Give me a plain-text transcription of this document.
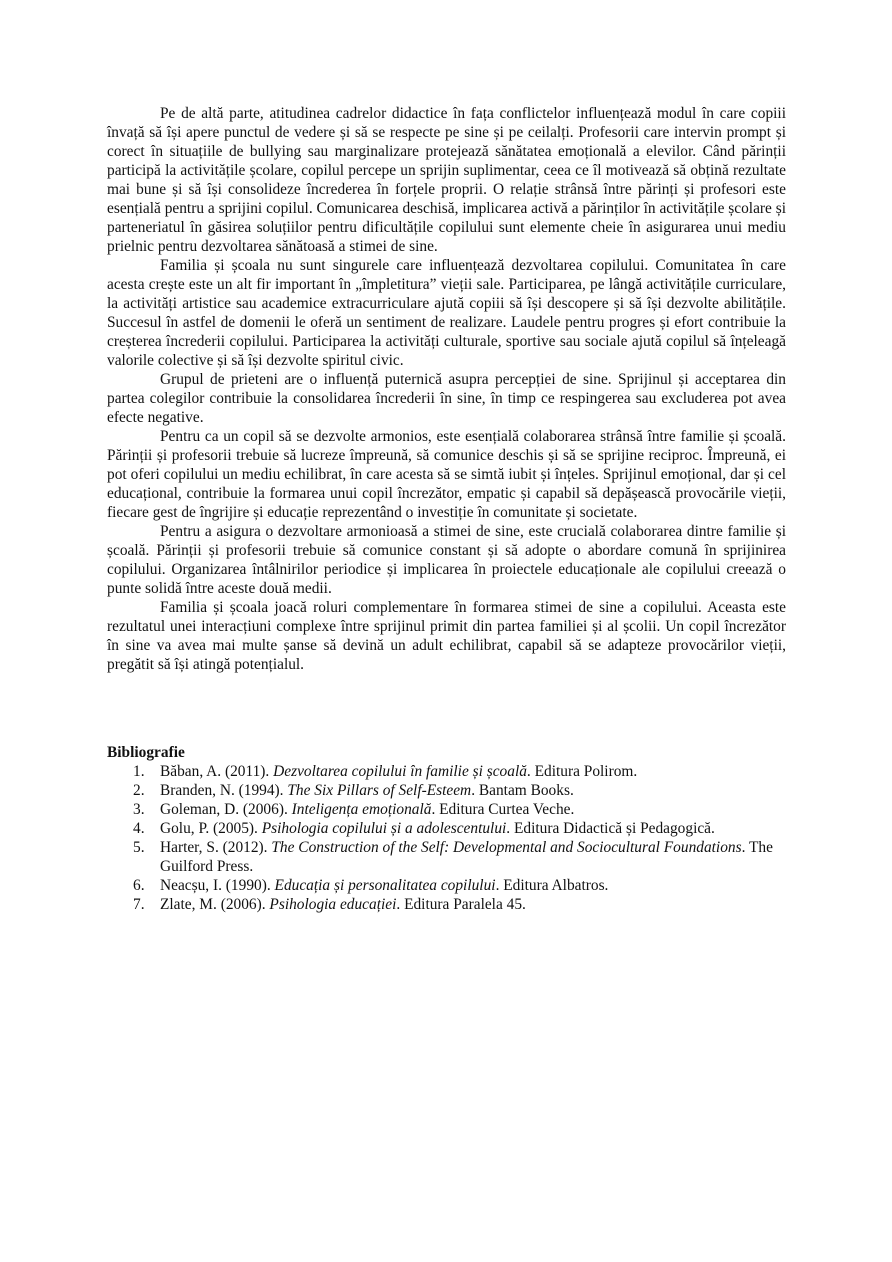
Pe de altă parte, atitudinea cadrelor didactice în fața conflictelor influențează modul în care copiii învață să își apere punctul de vedere și să se respecte pe sine și pe ceilalți. Profesorii care intervin prompt și corect în situațiile de bullying sau marginalizare protejează sănătatea emoțională a elevilor. Când părinții participă la activitățile școlare, copilul percepe un sprijin suplimentar, ceea ce îl motivează să obțină rezultate mai bune și să își consolideze încrederea în forțele proprii. O relație strânsă între părinți și profesori este esențială pentru a sprijini copilul. Comunicarea deschisă, implicarea activă a părinților în activitățile școlare și parteneriatul în găsirea soluțiilor pentru dificultățile copilului sunt elemente cheie în asigurarea unui mediu prielnic pentru dezvoltarea sănătoasă a stimei de sine.

Familia și școala nu sunt singurele care influențează dezvoltarea copilului. Comunitatea în care acesta crește este un alt fir important în „împletitura” vieții sale. Participarea, pe lângă activitățile curriculare, la activități artistice sau academice extracurriculare ajută copiii să își descopere și să își dezvolte abilitățile. Succesul în astfel de domenii le oferă un sentiment de realizare. Laudele pentru progres și efort contribuie la creșterea încrederii copilului. Participarea la activități culturale, sportive sau sociale ajută copilul să înțeleagă valorile colective și să își dezvolte spiritul civic.

Grupul de prieteni are o influență puternică asupra percepției de sine. Sprijinul și acceptarea din partea colegilor contribuie la consolidarea încrederii în sine, în timp ce respingerea sau excluderea pot avea efecte negative.

Pentru ca un copil să se dezvolte armonios, este esențială colaborarea strânsă între familie și școală. Părinții și profesorii trebuie să lucreze împreună, să comunice deschis și să se sprijine reciproc. Împreună, ei pot oferi copilului un mediu echilibrat, în care acesta să se simtă iubit și înțeles. Sprijinul emoțional, dar și cel educațional, contribuie la formarea unui copil încrezător, empatic și capabil să depășească provocările vieții, fiecare gest de îngrijire și educație reprezentând o investiție în comunitate și societate.

Pentru a asigura o dezvoltare armonioasă a stimei de sine, este crucială colaborarea dintre familie și școală. Părinții și profesorii trebuie să comunice constant și să adopte o abordare comună în sprijinirea copilului. Organizarea întâlnirilor periodice și implicarea în proiectele educaționale ale copilului creează o punte solidă între aceste două medii.

Familia și școala joacă roluri complementare în formarea stimei de sine a copilului. Aceasta este rezultatul unei interacțiuni complexe între sprijinul primit din partea familiei și al școlii. Un copil încrezător în sine va avea mai multe șanse să devină un adult echilibrat, capabil să se adapteze provocărilor vieții, pregătit să își atingă potențialul.

Bibliografie
1. Băban, A. (2011). Dezvoltarea copilului în familie și școală. Editura Polirom.
2. Branden, N. (1994). The Six Pillars of Self-Esteem. Bantam Books.
3. Goleman, D. (2006). Inteligența emoțională. Editura Curtea Veche.
4. Golu, P. (2005). Psihologia copilului și a adolescentului. Editura Didactică și Pedagogică.
5. Harter, S. (2012). The Construction of the Self: Developmental and Sociocultural Foundations. The Guilford Press.
6. Neacșu, I. (1990). Educația și personalitatea copilului. Editura Albatros.
7. Zlate, M. (2006). Psihologia educației. Editura Paralela 45.
